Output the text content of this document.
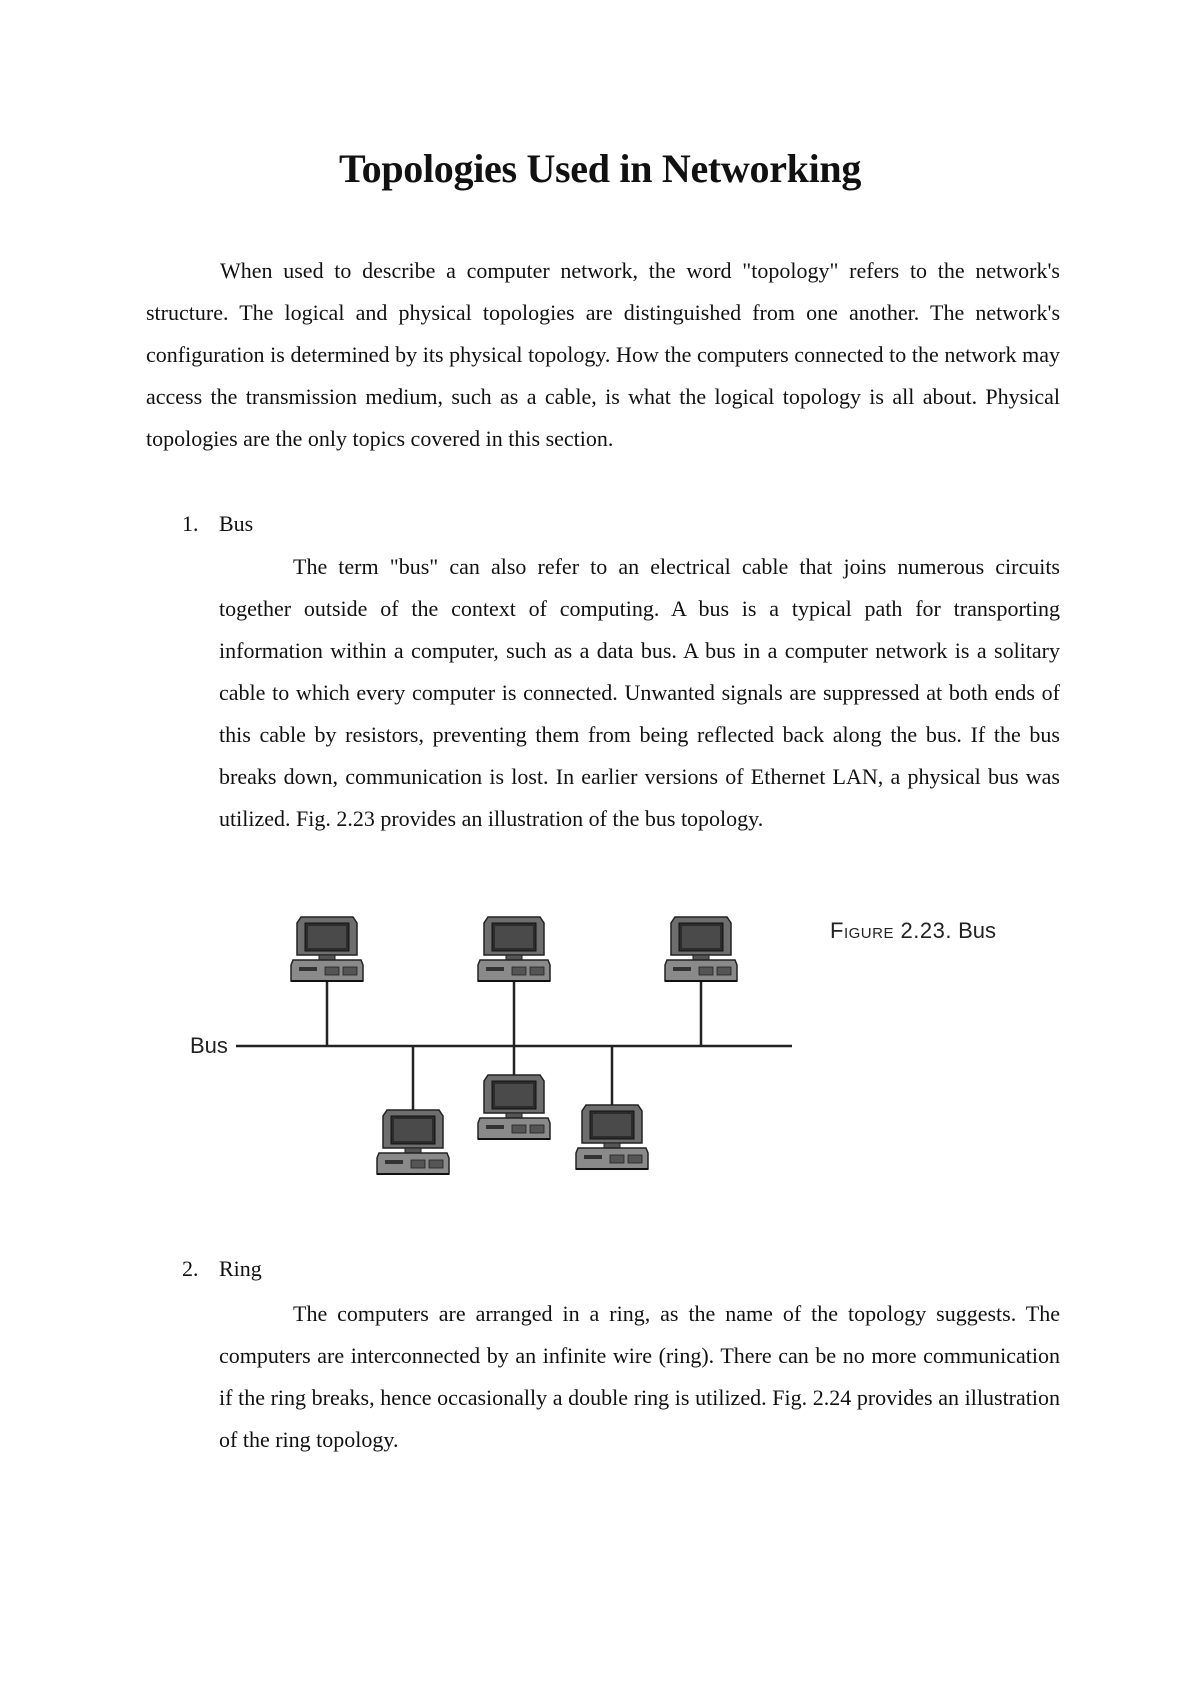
Topologies Used in Networking

When used to describe a computer network, the word "topology" refers to the network's structure. The logical and physical topologies are distinguished from one another. The network's configuration is determined by its physical topology. How the computers connected to the network may access the transmission medium, such as a cable, is what the logical topology is all about. Physical topologies are the only topics covered in this section.

1. Bus

The term "bus" can also refer to an electrical cable that joins numerous circuits together outside of the context of computing. A bus is a typical path for transporting information within a computer, such as a data bus. A bus in a computer network is a solitary cable to which every computer is connected. Unwanted signals are suppressed at both ends of this cable by resistors, preventing them from being reflected back along the bus. If the bus breaks down, communication is lost. In earlier versions of Ethernet LAN, a physical bus was utilized. Fig. 2.23 provides an illustration of the bus topology.

Figure 2.23. Bus
Bus
2. Ring

The computers are arranged in a ring, as the name of the topology suggests. The computers are interconnected by an infinite wire (ring). There can be no more communication if the ring breaks, hence occasionally a double ring is utilized. Fig. 2.24 provides an illustration of the ring topology.
